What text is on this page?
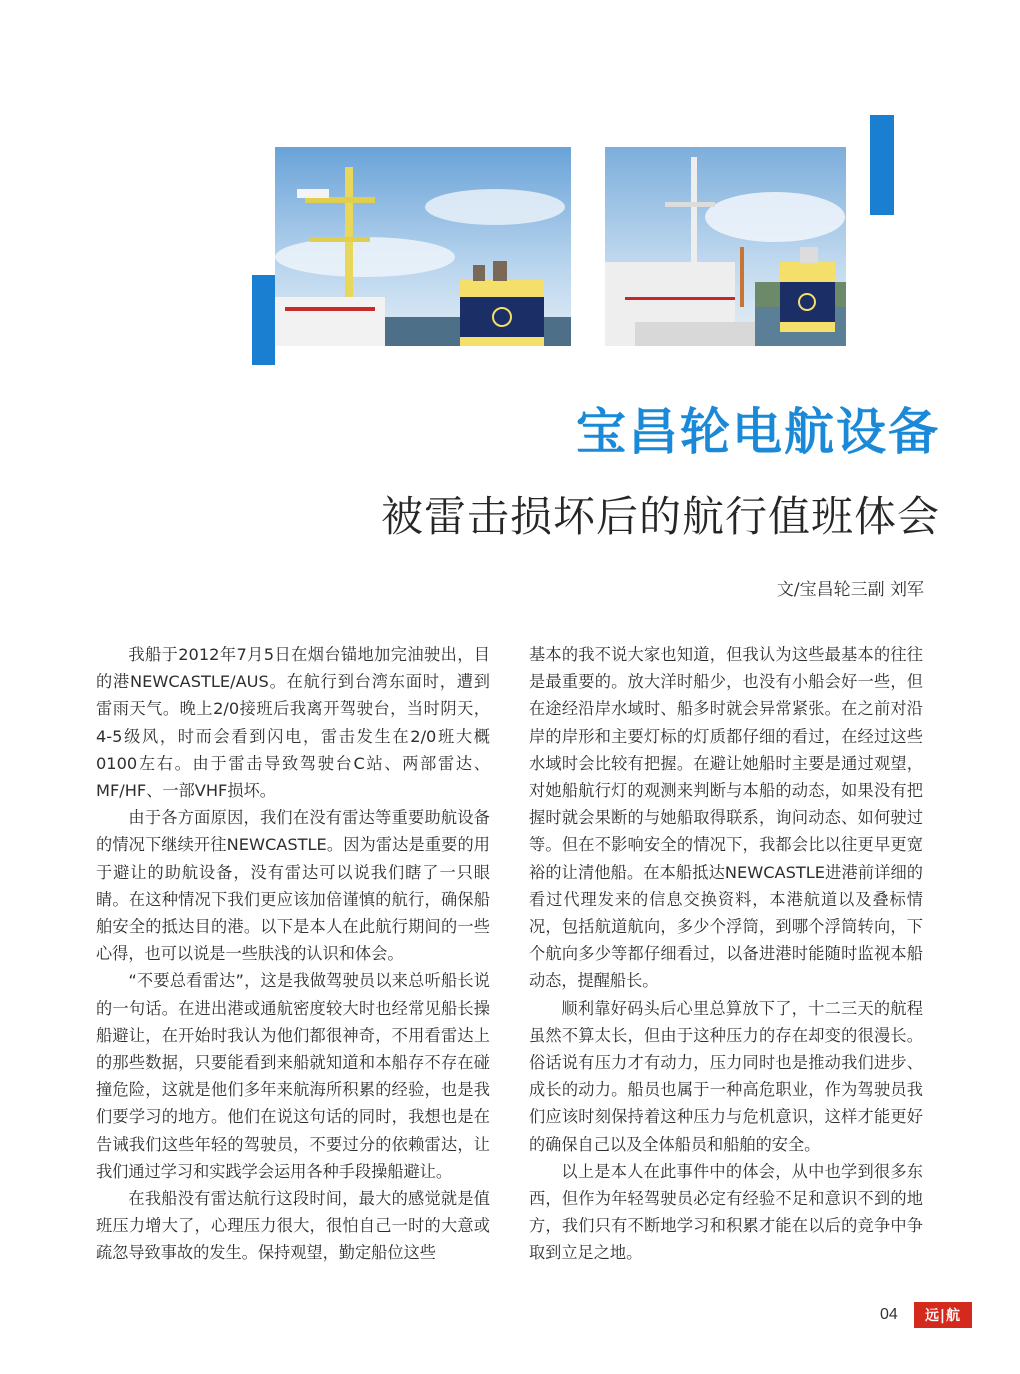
宝昌轮电航设备
被雷击损坏后的航行值班体会
文/宝昌轮三副 刘军

我船于2012年7月5日在烟台锚地加完油驶出，目的港NEWCASTLE/AUS。在航行到台湾东面时，遭到雷雨天气。晚上2/0接班后我离开驾驶台，当时阴天，4-5级风，时而会看到闪电，雷击发生在2/0班大概0100左右。由于雷击导致驾驶台C站、两部雷达、MF/HF、一部VHF损坏。

由于各方面原因，我们在没有雷达等重要助航设备的情况下继续开往NEWCASTLE。因为雷达是重要的用于避让的助航设备，没有雷达可以说我们瞎了一只眼睛。在这种情况下我们更应该加倍谨慎的航行，确保船舶安全的抵达目的港。以下是本人在此航行期间的一些心得，也可以说是一些肤浅的认识和体会。

“不要总看雷达”，这是我做驾驶员以来总听船长说的一句话。在进出港或通航密度较大时也经常见船长操船避让，在开始时我认为他们都很神奇，不用看雷达上的那些数据，只要能看到来船就知道和本船存不存在碰撞危险，这就是他们多年来航海所积累的经验，也是我们要学习的地方。他们在说这句话的同时，我想也是在告诫我们这些年轻的驾驶员，不要过分的依赖雷达，让我们通过学习和实践学会运用各种手段操船避让。

在我船没有雷达航行这段时间，最大的感觉就是值班压力增大了，心理压力很大，很怕自己一时的大意或疏忽导致事故的发生。保持观望，勤定船位这些

基本的我不说大家也知道，但我认为这些最基本的往往是最重要的。放大洋时船少，也没有小船会好一些，但在途经沿岸水域时、船多时就会异常紧张。在之前对沿岸的岸形和主要灯标的灯质都仔细的看过，在经过这些水域时会比较有把握。在避让她船时主要是通过观望，对她船航行灯的观测来判断与本船的动态，如果没有把握时就会果断的与她船取得联系，询问动态、如何驶过等。但在不影响安全的情况下，我都会比以往更早更宽裕的让清他船。在本船抵达NEWCASTLE进港前详细的看过代理发来的信息交换资料，本港航道以及叠标情况，包括航道航向，多少个浮筒，到哪个浮筒转向，下个航向多少等都仔细看过，以备进港时能随时监视本船动态，提醒船长。

顺利靠好码头后心里总算放下了，十二三天的航程虽然不算太长，但由于这种压力的存在却变的很漫长。俗话说有压力才有动力，压力同时也是推动我们进步、成长的动力。船员也属于一种高危职业，作为驾驶员我们应该时刻保持着这种压力与危机意识，这样才能更好的确保自己以及全体船员和船舶的安全。

以上是本人在此事件中的体会，从中也学到很多东西，但作为年轻驾驶员必定有经验不足和意识不到的地方，我们只有不断地学习和积累才能在以后的竞争中争取到立足之地。

04	远|航
